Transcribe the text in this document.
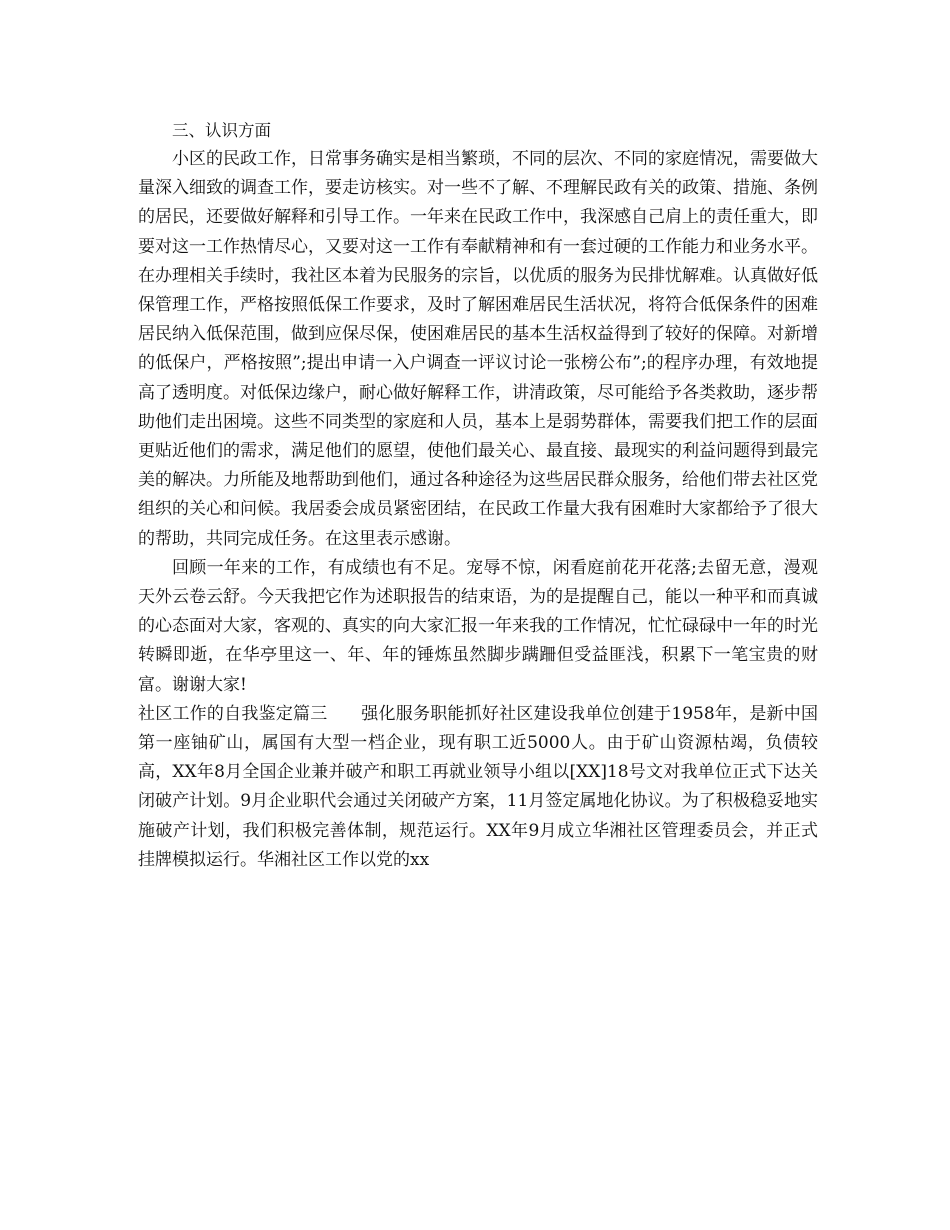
三、认识方面

小区的民政工作，日常事务确实是相当繁琐，不同的层次、不同的家庭情况，需要做大量深入细致的调查工作，要走访核实。对一些不了解、不理解民政有关的政策、措施、条例的居民，还要做好解释和引导工作。一年来在民政工作中，我深感自己肩上的责任重大，即要对这一工作热情尽心，又要对这一工作有奉献精神和有一套过硬的工作能力和业务水平。在办理相关手续时，我社区本着为民服务的宗旨，以优质的服务为民排忧解难。认真做好低保管理工作，严格按照低保工作要求，及时了解困难居民生活状况，将符合低保条件的困难居民纳入低保范围，做到应保尽保，使困难居民的基本生活权益得到了较好的保障。对新增的低保户，严格按照”;提出申请一入户调查一评议讨论一张榜公布”;的程序办理，有效地提高了透明度。对低保边缘户，耐心做好解释工作，讲清政策，尽可能给予各类救助，逐步帮助他们走出困境。这些不同类型的家庭和人员，基本上是弱势群体，需要我们把工作的层面更贴近他们的需求，满足他们的愿望，使他们最关心、最直接、最现实的利益问题得到最完美的解决。力所能及地帮助到他们，通过各种途径为这些居民群众服务，给他们带去社区党组织的关心和问候。我居委会成员紧密团结，在民政工作量大我有困难时大家都给予了很大的帮助，共同完成任务。在这里表示感谢。

回顾一年来的工作，有成绩也有不足。宠辱不惊，闲看庭前花开花落;去留无意，漫观天外云卷云舒。今天我把它作为述职报告的结束语，为的是提醒自己，能以一种平和而真诚的心态面对大家，客观的、真实的向大家汇报一年来我的工作情况，忙忙碌碌中一年的时光转瞬即逝，在华亭里这一、年、年的锤炼虽然脚步蹒跚但受益匪浅，积累下一笔宝贵的财富。谢谢大家!

社区工作的自我鉴定篇三 强化服务职能抓好社区建设我单位创建于1958年，是新中国第一座铀矿山，属国有大型一档企业，现有职工近5000人。由于矿山资源枯竭，负债较高，XX年8月全国企业兼并破产和职工再就业领导小组以[XX]18号文对我单位正式下达关闭破产计划。9月企业职代会通过关闭破产方案，11月签定属地化协议。为了积极稳妥地实施破产计划，我们积极完善体制，规范运行。XX年9月成立华湘社区管理委员会，并正式挂牌模拟运行。华湘社区工作以党的xx
